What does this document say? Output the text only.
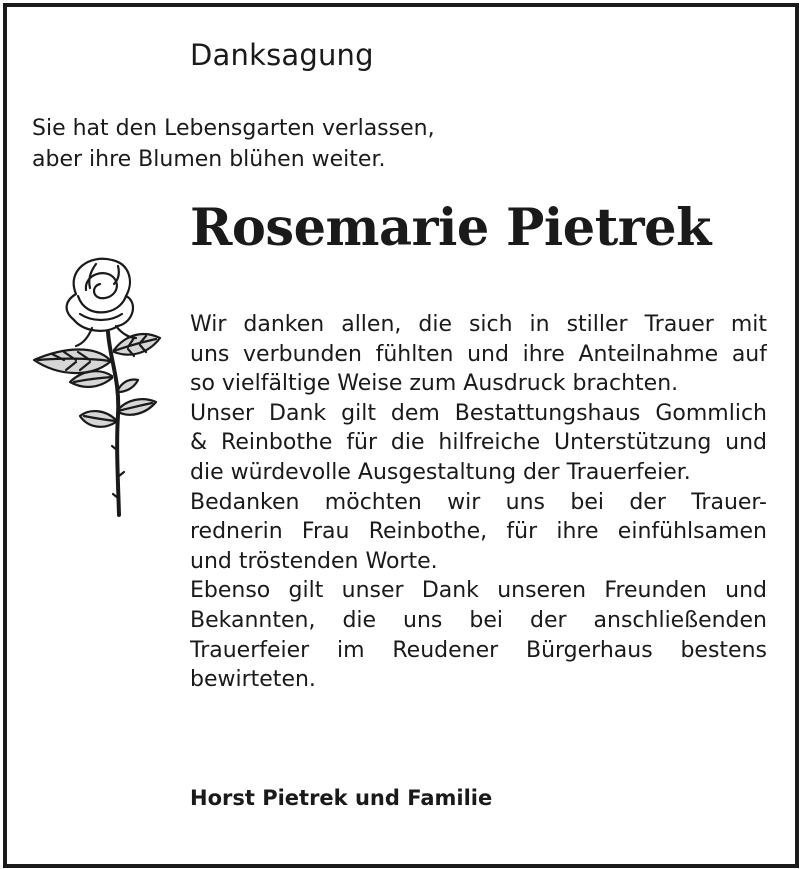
Danksagung
Sie hat den Lebensgarten verlassen,
aber ihre Blumen blühen weiter.
Rosemarie Pietrek
Wir danken allen, die sich in stiller Trauer mit
uns verbunden fühlten und ihre Anteilnahme auf
so vielfältige Weise zum Ausdruck brachten.
Unser Dank gilt dem Bestattungshaus Gommlich
& Reinbothe für die hilfreiche Unterstützung und
die würdevolle Ausgestaltung der Trauerfeier.
Bedanken möchten wir uns bei der Trauer-
rednerin Frau Reinbothe, für ihre einfühlsamen
und tröstenden Worte.
Ebenso gilt unser Dank unseren Freunden und
Bekannten, die uns bei der anschließenden
Trauerfeier im Reudener Bürgerhaus bestens
bewirteten.
Horst Pietrek und Familie
